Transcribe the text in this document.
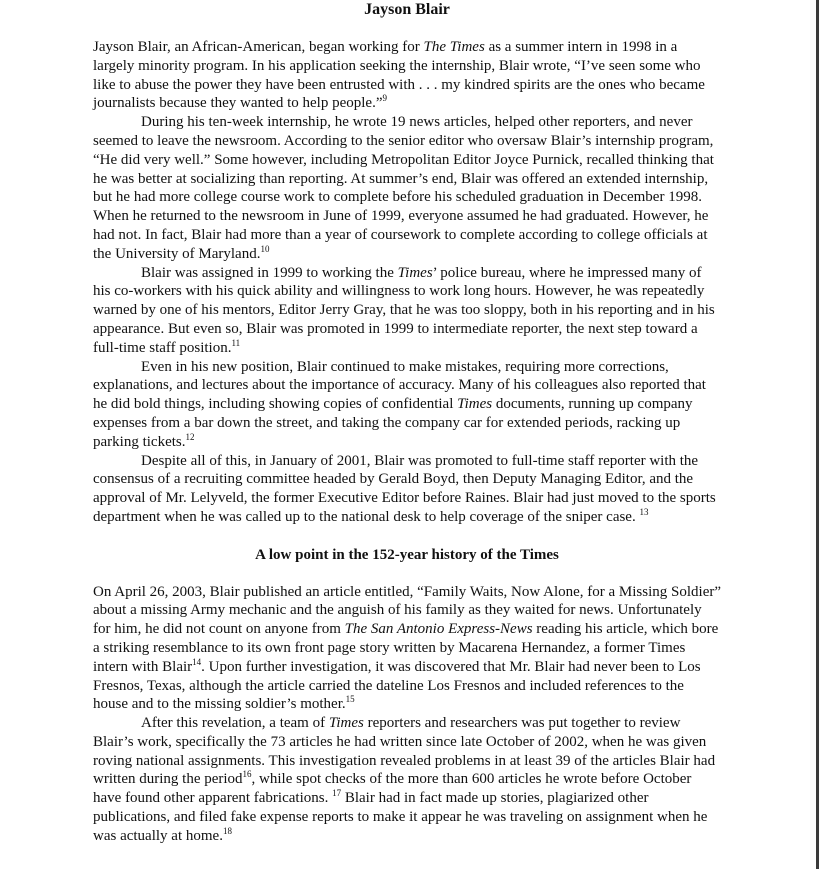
Jayson Blair

Jayson Blair, an African-American, began working for The Times as a summer intern in 1998 in a largely minority program. In his application seeking the internship, Blair wrote, “I’ve seen some who like to abuse the power they have been entrusted with . . . my kindred spirits are the ones who became journalists because they wanted to help people.”$^9$

During his ten-week internship, he wrote 19 news articles, helped other reporters, and never seemed to leave the newsroom. According to the senior editor who oversaw Blair’s internship program, “He did very well.” Some however, including Metropolitan Editor Joyce Purnick, recalled thinking that he was better at socializing than reporting. At summer’s end, Blair was offered an extended internship, but he had more college course work to complete before his scheduled graduation in December 1998. When he returned to the newsroom in June of 1999, everyone assumed he had graduated. However, he had not. In fact, Blair had more than a year of coursework to complete according to college officials at the University of Maryland.$^{10}$

Blair was assigned in 1999 to working the Times’ police bureau, where he impressed many of his co-workers with his quick ability and willingness to work long hours. However, he was repeatedly warned by one of his mentors, Editor Jerry Gray, that he was too sloppy, both in his reporting and in his appearance. But even so, Blair was promoted in 1999 to intermediate reporter, the next step toward a full-time staff position.$^{11}$

Even in his new position, Blair continued to make mistakes, requiring more corrections, explanations, and lectures about the importance of accuracy. Many of his colleagues also reported that he did bold things, including showing copies of confidential Times documents, running up company expenses from a bar down the street, and taking the company car for extended periods, racking up parking tickets.$^{12}$

Despite all of this, in January of 2001, Blair was promoted to full-time staff reporter with the consensus of a recruiting committee headed by Gerald Boyd, then Deputy Managing Editor, and the approval of Mr. Lelyveld, the former Executive Editor before Raines. Blair had just moved to the sports department when he was called up to the national desk to help coverage of the sniper case. $^{13}$

A low point in the 152-year history of the Times

On April 26, 2003, Blair published an article entitled, “Family Waits, Now Alone, for a Missing Soldier” about a missing Army mechanic and the anguish of his family as they waited for news. Unfortunately for him, he did not count on anyone from The San Antonio Express-News reading his article, which bore a striking resemblance to its own front page story written by Macarena Hernandez, a former Times intern with Blair$^{14}$. Upon further investigation, it was discovered that Mr. Blair had never been to Los Fresnos, Texas, although the article carried the dateline Los Fresnos and included references to the house and to the missing soldier’s mother.$^{15}$

After this revelation, a team of Times reporters and researchers was put together to review Blair’s work, specifically the 73 articles he had written since late October of 2002, when he was given roving national assignments. This investigation revealed problems in at least 39 of the articles Blair had written during the period$^{16}$, while spot checks of the more than 600 articles he wrote before October have found other apparent fabrications. $^{17}$ Blair had in fact made up stories, plagiarized other publications, and filed fake expense reports to make it appear he was traveling on assignment when he was actually at home.$^{18}$
